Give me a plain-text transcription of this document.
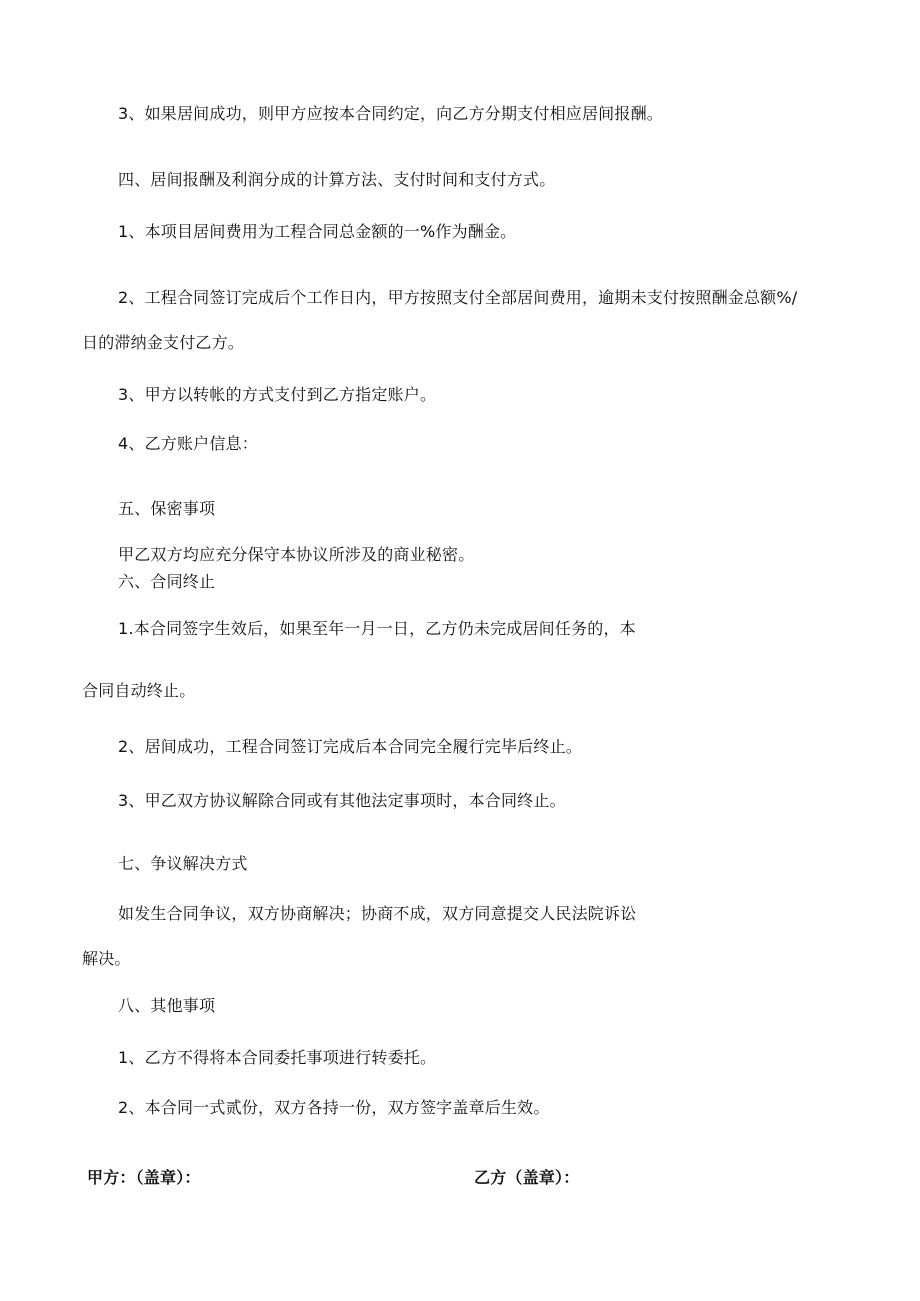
3、如果居间成功，则甲方应按本合同约定，向乙方分期支付相应居间报酬。
四、居间报酬及利润分成的计算方法、支付时间和支付方式。
1、本项目居间费用为工程合同总金额的一%作为酬金。
2、工程合同签订完成后个工作日内，甲方按照支付全部居间费用，逾期未支付按照酬金总额%/
日的滞纳金支付乙方。
3、甲方以转帐的方式支付到乙方指定账户。
4、乙方账户信息：
五、保密事项
甲乙双方均应充分保守本协议所涉及的商业秘密。
六、合同终止
1.本合同签字生效后，如果至年一月一日，乙方仍未完成居间任务的，本
合同自动终止。
2、居间成功，工程合同签订完成后本合同完全履行完毕后终止。
3、甲乙双方协议解除合同或有其他法定事项时，本合同终止。
七、争议解决方式
如发生合同争议，双方协商解决；协商不成，双方同意提交人民法院诉讼
解决。
八、其他事项
1、乙方不得将本合同委托事项进行转委托。
2、本合同一式贰份，双方各持一份，双方签字盖章后生效。
甲方：（盖章）：	乙方（盖章）：
